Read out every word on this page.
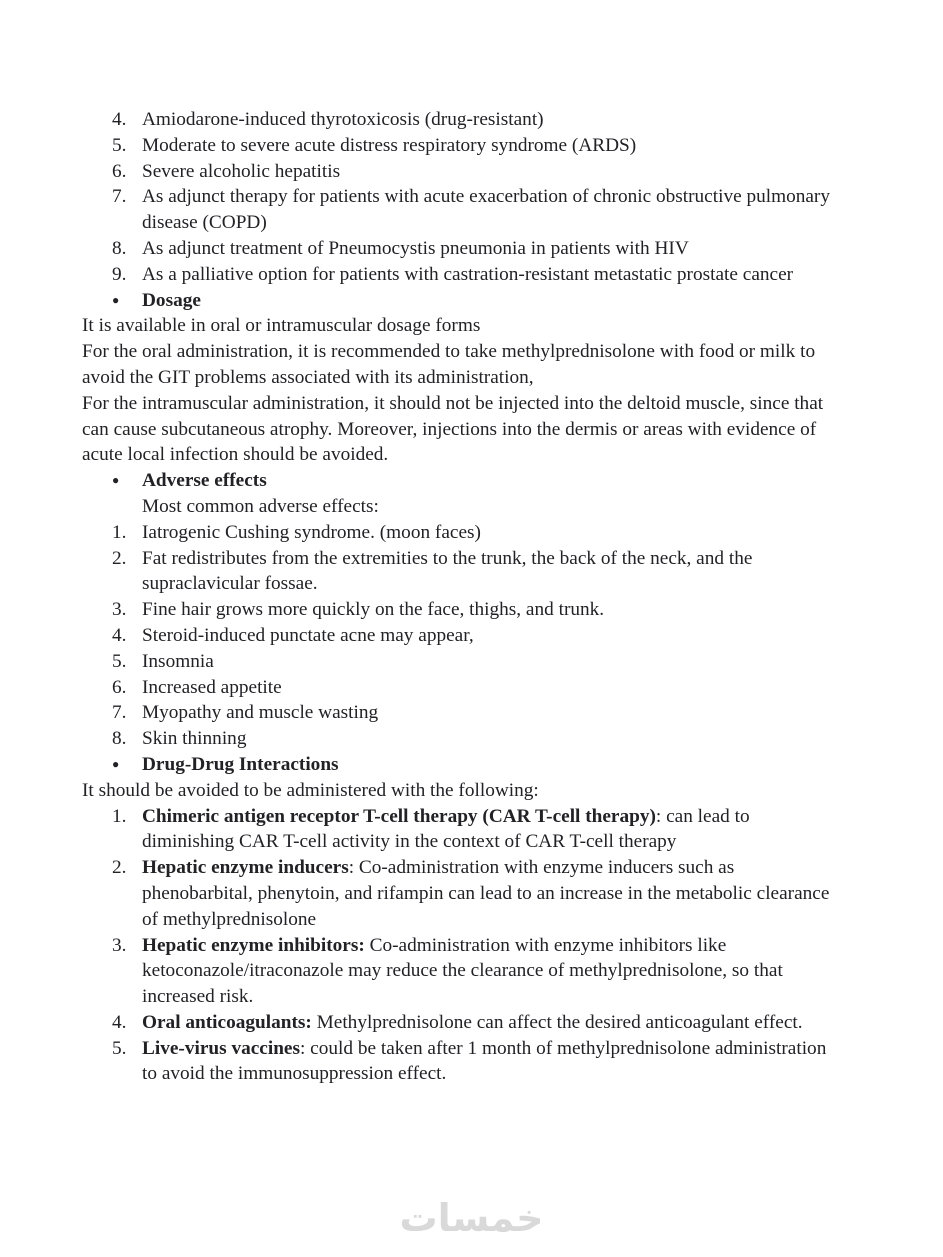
4. Amiodarone-induced thyrotoxicosis (drug-resistant)
5. Moderate to severe acute distress respiratory syndrome (ARDS)
6. Severe alcoholic hepatitis
7. As adjunct therapy for patients with acute exacerbation of chronic obstructive pulmonary disease (COPD)
8. As adjunct treatment of Pneumocystis pneumonia in patients with HIV
9. As a palliative option for patients with castration-resistant metastatic prostate cancer
●	Dosage

It is available in oral or intramuscular dosage forms

For the oral administration, it is recommended to take methylprednisolone with food or milk to avoid the GIT problems associated with its administration,

For the intramuscular administration, it should not be injected into the deltoid muscle, since that can cause subcutaneous atrophy. Moreover, injections into the dermis or areas with evidence of acute local infection should be avoided.

●	Adverse effects
Most common adverse effects:
1. Iatrogenic Cushing syndrome. (moon faces)
2. Fat redistributes from the extremities to the trunk, the back of the neck, and the supraclavicular fossae.
3. Fine hair grows more quickly on the face, thighs, and trunk.
4. Steroid-induced punctate acne may appear,
5. Insomnia
6. Increased appetite
7. Myopathy and muscle wasting
8. Skin thinning
●	Drug-Drug Interactions

It should be avoided to be administered with the following:

1. Chimeric antigen receptor T-cell therapy (CAR T-cell therapy): can lead to diminishing CAR T-cell activity in the context of CAR T-cell therapy
2. Hepatic enzyme inducers: Co-administration with enzyme inducers such as phenobarbital, phenytoin, and rifampin can lead to an increase in the metabolic clearance of methylprednisolone
3. Hepatic enzyme inhibitors: Co-administration with enzyme inhibitors like ketoconazole/itraconazole may reduce the clearance of methylprednisolone, so that increased risk.
4. Oral anticoagulants: Methylprednisolone can affect the desired anticoagulant effect.
5. Live-virus vaccines: could be taken after 1 month of methylprednisolone administration to avoid the immunosuppression effect.
خمسات
